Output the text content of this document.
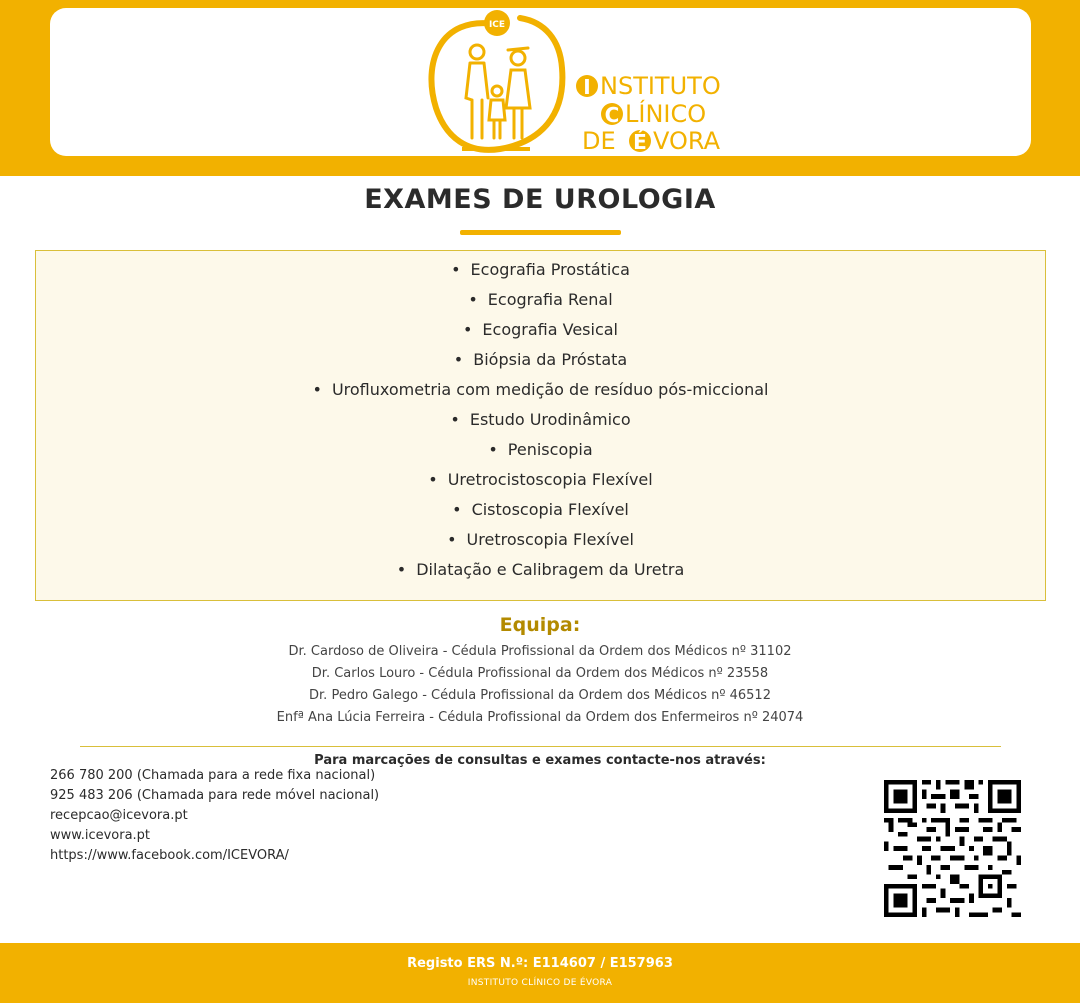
ICE
I NSTITUTO
C LÍNICO
DE É VORA
EXAMES DE UROLOGIA
• Ecografia Prostática
• Ecografia Renal
• Ecografia Vesical
• Biópsia da Próstata
• Urofluxometria com medição de resíduo pós-miccional
• Estudo Urodinâmico
• Peniscopia
• Uretrocistoscopia Flexível
• Cistoscopia Flexível
• Uretroscopia Flexível
• Dilatação e Calibragem da Uretra
Equipa:
Dr. Cardoso de Oliveira - Cédula Profissional da Ordem dos Médicos nº 31102
Dr. Carlos Louro - Cédula Profissional da Ordem dos Médicos nº 23558
Dr. Pedro Galego - Cédula Profissional da Ordem dos Médicos nº 46512
Enfª Ana Lúcia Ferreira - Cédula Profissional da Ordem dos Enfermeiros nº 24074
Para marcações de consultas e exames contacte-nos através:
266 780 200 (Chamada para a rede fixa nacional)
925 483 206 (Chamada para rede móvel nacional)
recepcao@icevora.pt
www.icevora.pt
https://www.facebook.com/ICEVORA/
Registo ERS N.º: E114607 / E157963
INSTITUTO CLÍNICO DE ÉVORA
